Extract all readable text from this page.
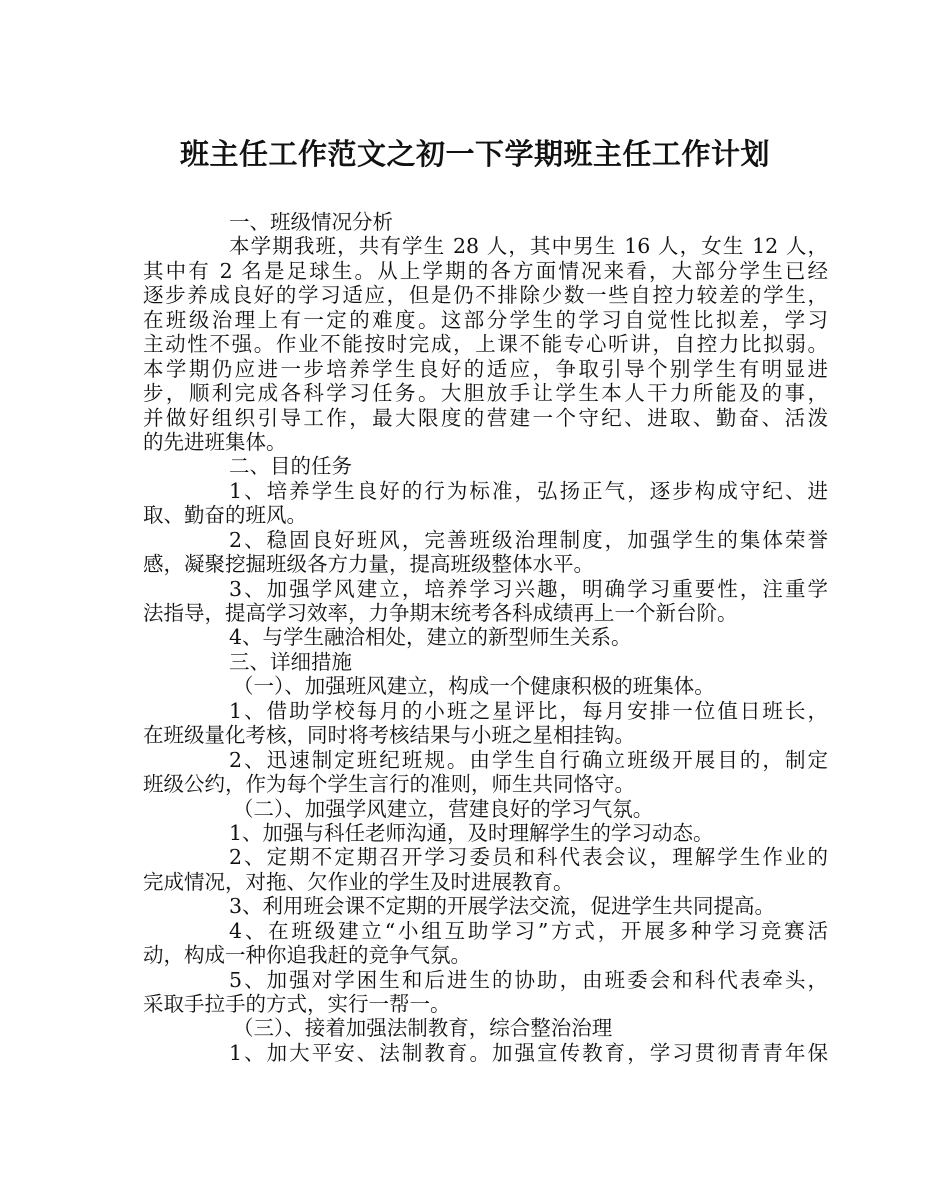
班主任工作范文之初一下学期班主任工作计划
一、班级情况分析
本学期我班，共有学生 28 人，其中男生 16 人，女生 12 人，
其中有 2 名是足球生。从上学期的各方面情况来看，大部分学生已经
逐步养成良好的学习适应，但是仍不排除少数一些自控力较差的学生，
在班级治理上有一定的难度。这部分学生的学习自觉性比拟差，学习
主动性不强。作业不能按时完成，上课不能专心听讲，自控力比拟弱。
本学期仍应进一步培养学生良好的适应，争取引导个别学生有明显进
步，顺利完成各科学习任务。大胆放手让学生本人干力所能及的事，
并做好组织引导工作，最大限度的营建一个守纪、进取、勤奋、活泼
的先进班集体。
二、目的任务
1、培养学生良好的行为标准，弘扬正气，逐步构成守纪、进
取、勤奋的班风。
2、稳固良好班风，完善班级治理制度，加强学生的集体荣誉
感，凝聚挖掘班级各方力量，提高班级整体水平。
3、加强学风建立，培养学习兴趣，明确学习重要性，注重学
法指导，提高学习效率，力争期末统考各科成绩再上一个新台阶。
4、与学生融洽相处，建立的新型师生关系。
三、详细措施
（一）、加强班风建立，构成一个健康积极的班集体。
1、借助学校每月的小班之星评比，每月安排一位值日班长，
在班级量化考核，同时将考核结果与小班之星相挂钩。
2、迅速制定班纪班规。由学生自行确立班级开展目的，制定
班级公约，作为每个学生言行的准则，师生共同恪守。
（二）、加强学风建立，营建良好的学习气氛。
1、加强与科任老师沟通，及时理解学生的学习动态。
2、定期不定期召开学习委员和科代表会议，理解学生作业的
完成情况，对拖、欠作业的学生及时进展教育。
3、利用班会课不定期的开展学法交流，促进学生共同提高。
4、在班级建立“小组互助学习”方式，开展多种学习竞赛活
动，构成一种你追我赶的竞争气氛。
5、加强对学困生和后进生的协助，由班委会和科代表牵头，
采取手拉手的方式，实行一帮一。
（三）、接着加强法制教育，综合整治治理
1、加大平安、法制教育。加强宣传教育，学习贯彻青青年保
